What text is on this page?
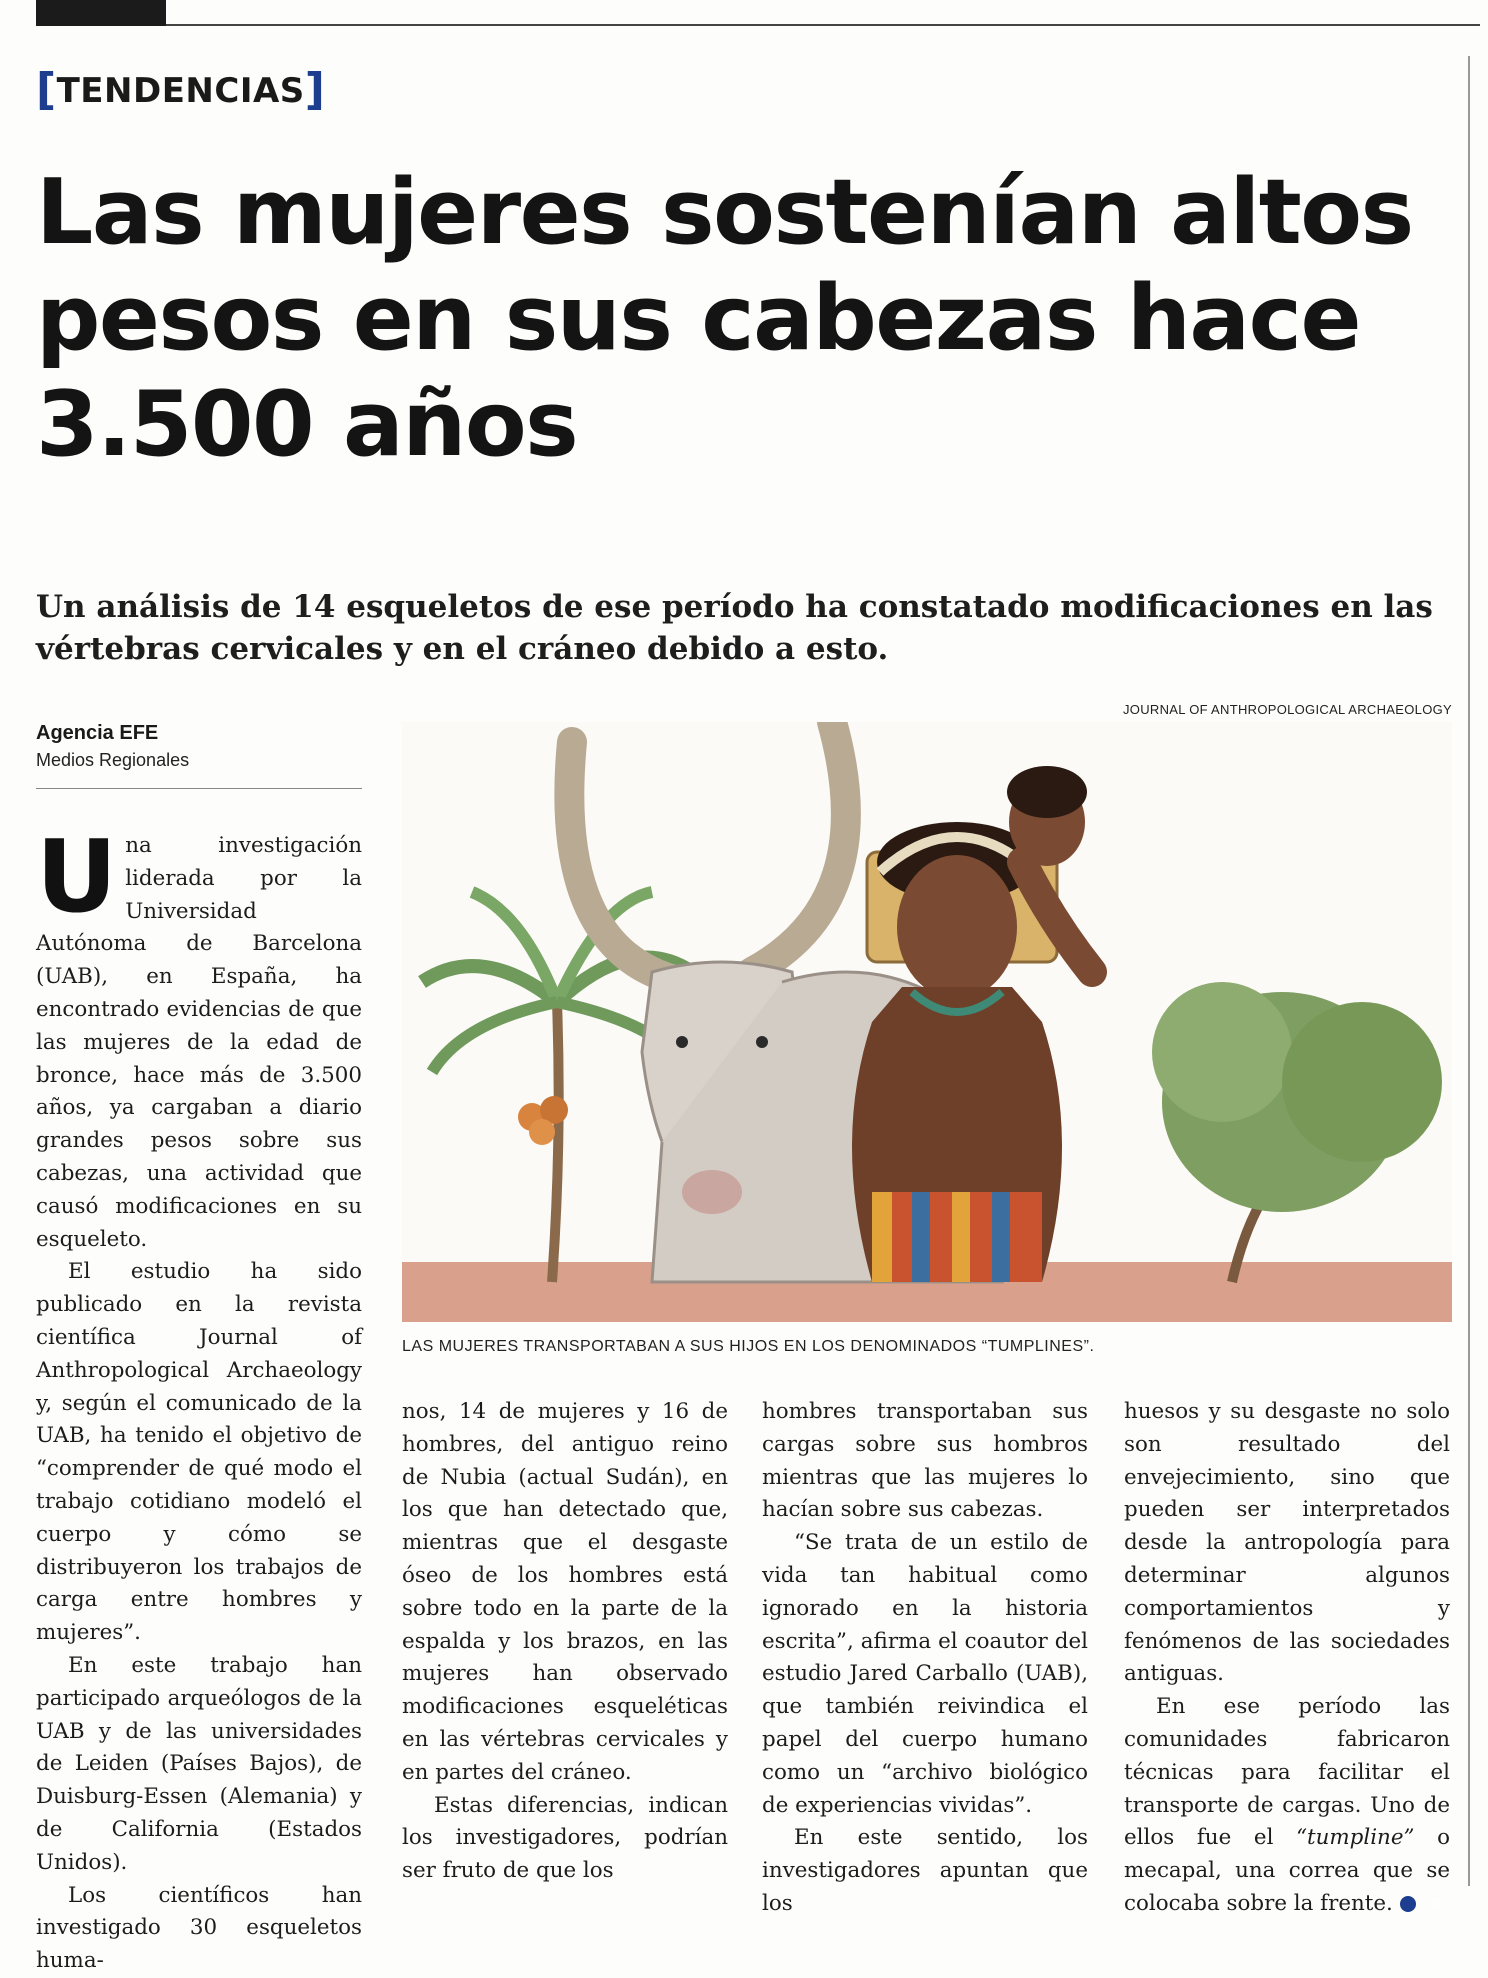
[TENDENCIAS]
Las mujeres sostenían altos pesos en sus cabezas hace 3.500 años

Un análisis de 14 esqueletos de ese período ha constatado modificaciones en las vértebras cervicales y en el cráneo debido a esto.

Agencia EFE
Medios Regionales
JOURNAL OF ANTHROPOLOGICAL ARCHAEOLOGY
LAS MUJERES TRANSPORTABAN A SUS HIJOS EN LOS DENOMINADOS “TUMPLINES”.

Una investigación liderada por la Universidad Autónoma de Barcelona (UAB), en España, ha encontrado evidencias de que las mujeres de la edad de bronce, hace más de 3.500 años, ya cargaban a diario grandes pesos sobre sus cabezas, una actividad que causó modificaciones en su esqueleto.

El estudio ha sido publicado en la revista científica Journal of Anthropological Archaeology y, según el comunicado de la UAB, ha tenido el objetivo de “comprender de qué modo el trabajo cotidiano modeló el cuerpo y cómo se distribuyeron los trabajos de carga entre hombres y mujeres”.

En este trabajo han participado arqueólogos de la UAB y de las universidades de Leiden (Países Bajos), de Duisburg-Essen (Alemania) y de California (Estados Unidos).

Los científicos han investigado 30 esqueletos huma-

nos, 14 de mujeres y 16 de hombres, del antiguo reino de Nubia (actual Sudán), en los que han detectado que, mientras que el desgaste óseo de los hombres está sobre todo en la parte de la espalda y los brazos, en las mujeres han observado modificaciones esqueléticas en las vértebras cervicales y en partes del cráneo.

Estas diferencias, indican los investigadores, podrían ser fruto de que los

hombres transportaban sus cargas sobre sus hombros mientras que las mujeres lo hacían sobre sus cabezas.

“Se trata de un estilo de vida tan habitual como ignorado en la historia escrita”, afirma el coautor del estudio Jared Carballo (UAB), que también reivindica el papel del cuerpo humano como un “archivo biológico de experiencias vividas”.

En este sentido, los investigadores apuntan que los

huesos y su desgaste no solo son resultado del envejecimiento, sino que pueden ser interpretados desde la antropología para determinar algunos comportamientos y fenómenos de las sociedades antiguas.

En ese período las comunidades fabricaron técnicas para facilitar el transporte de cargas. Uno de ellos fue el “tumpline” o mecapal, una correa que se colocaba sobre la frente.	✪
